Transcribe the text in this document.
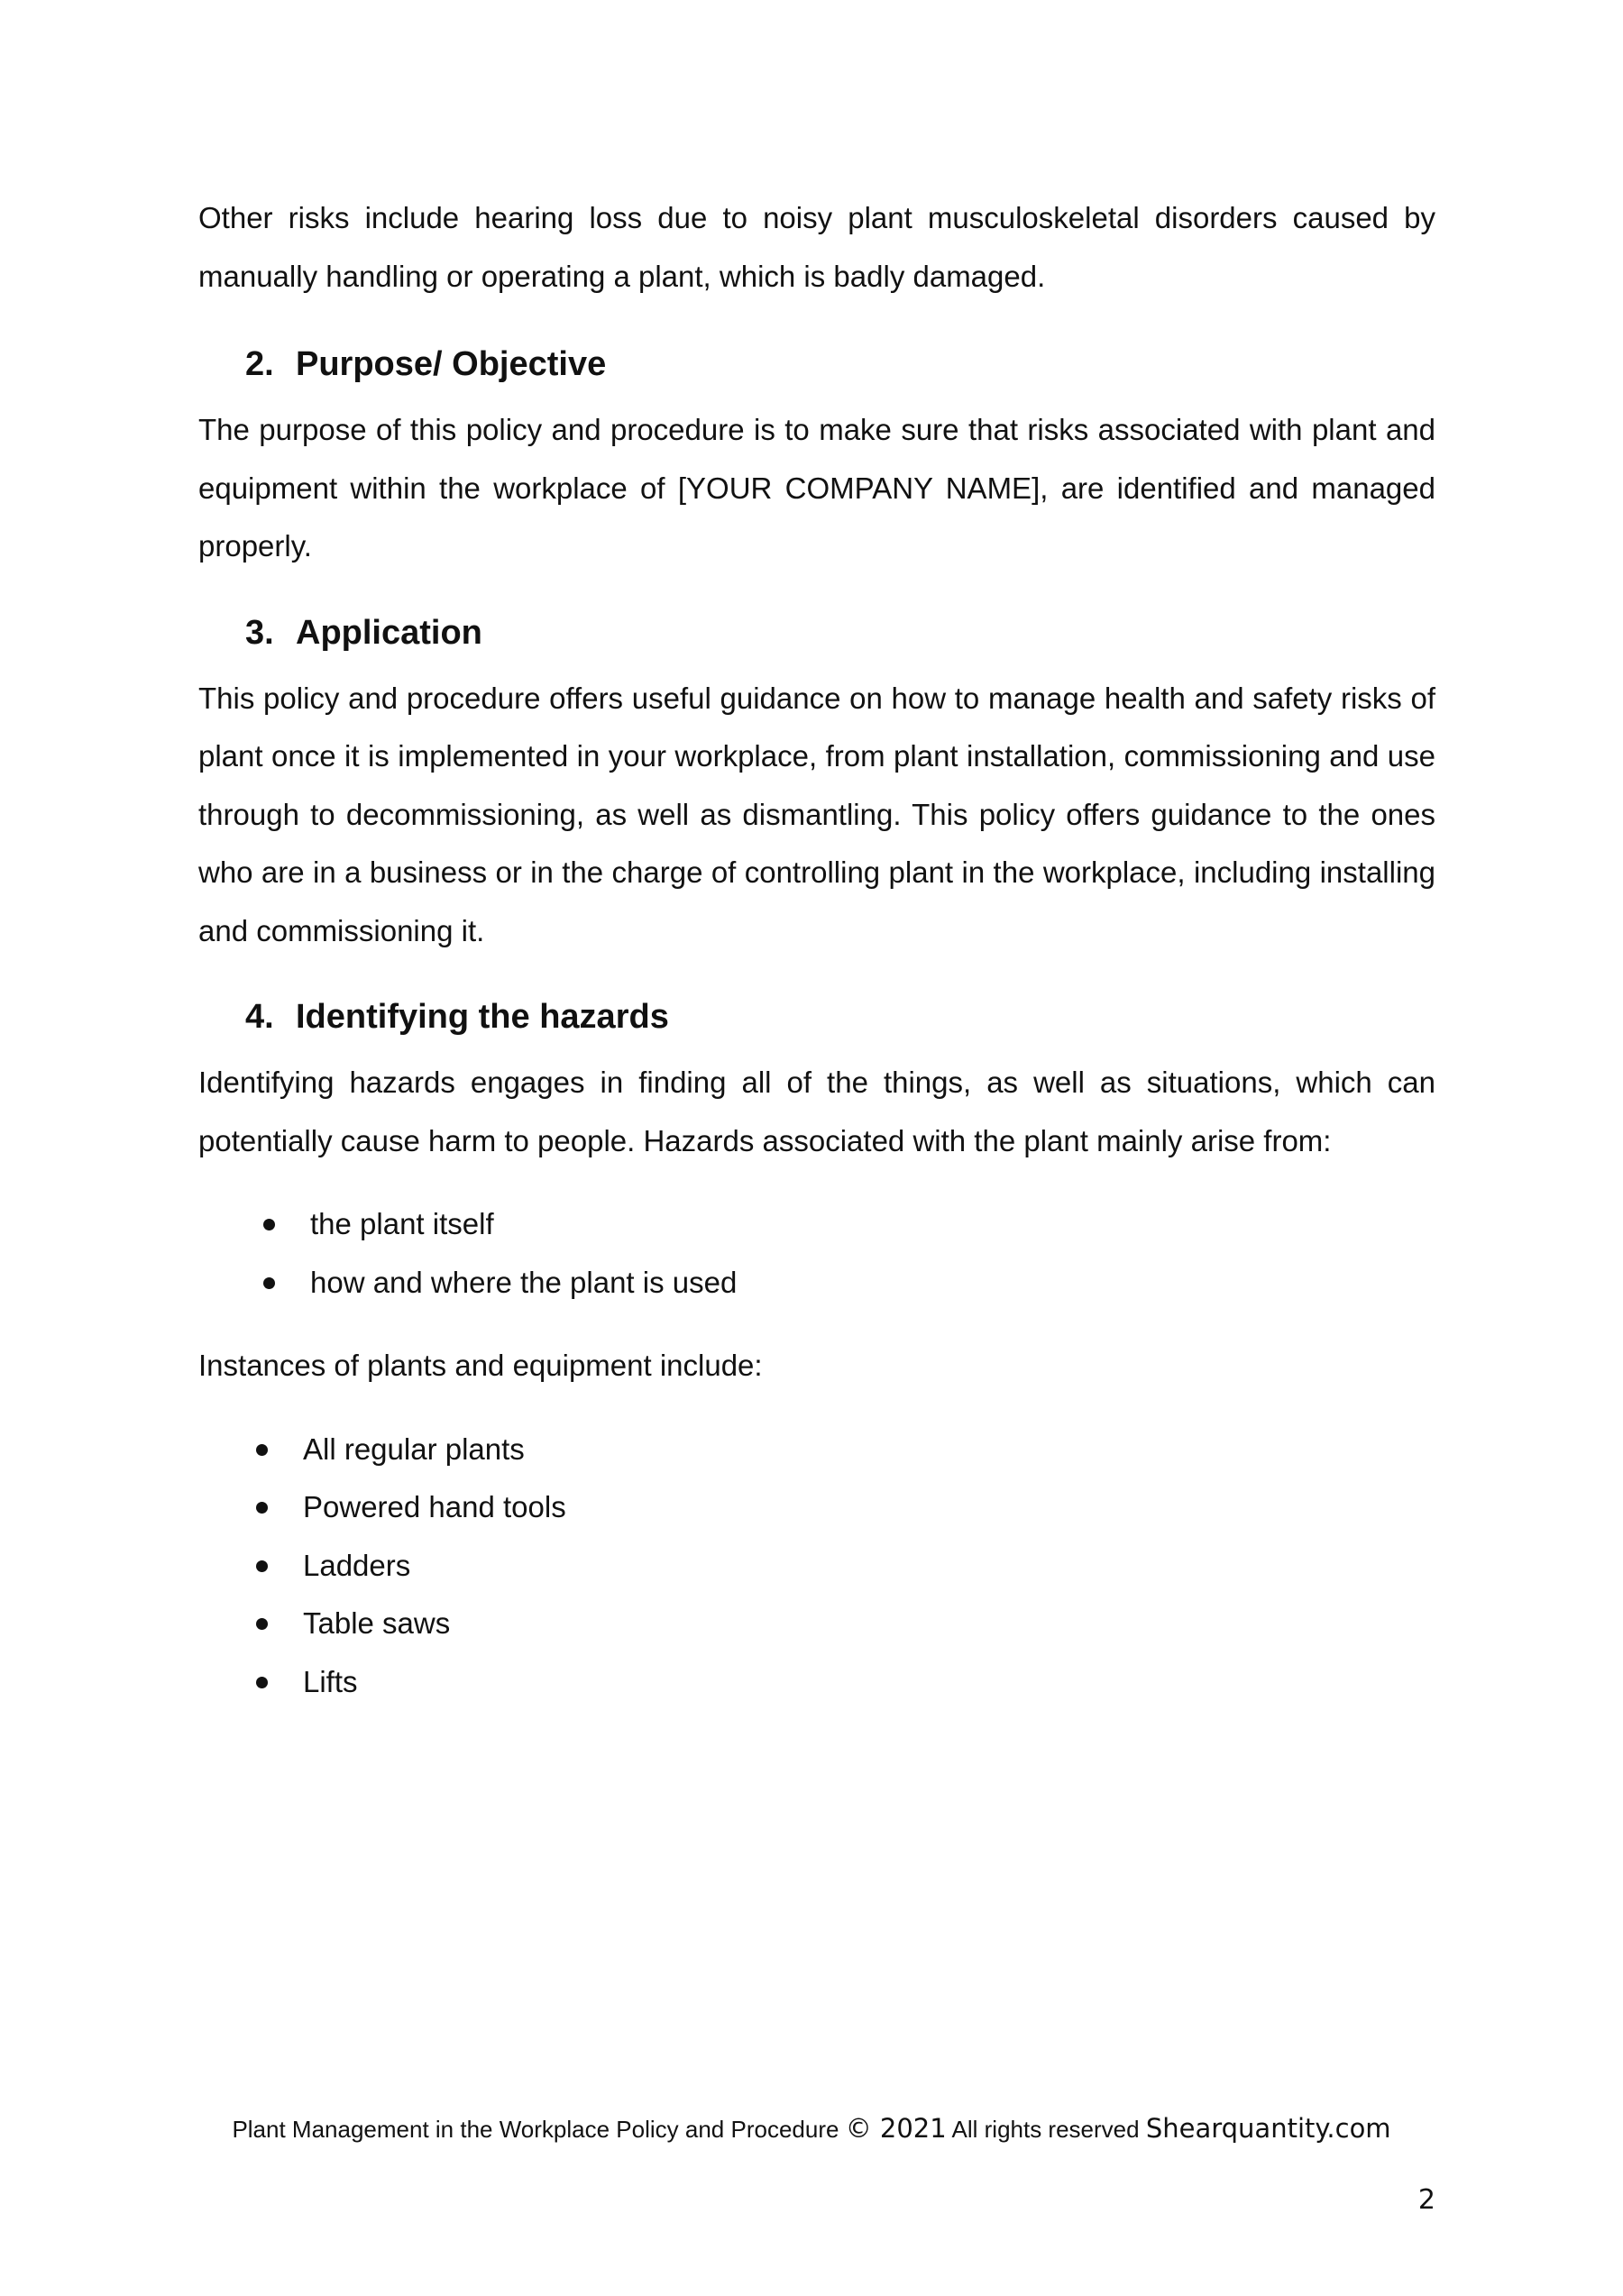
Other risks include hearing loss due to noisy plant musculoskeletal disorders caused by manually handling or operating a plant, which is badly damaged.

2. Purpose/ Objective

The purpose of this policy and procedure is to make sure that risks associated with plant and equipment within the workplace of [YOUR COMPANY NAME], are identified and managed properly.

3. Application

This policy and procedure offers useful guidance on how to manage health and safety risks of plant once it is implemented in your workplace, from plant installation, commissioning and use through to decommissioning, as well as dismantling. This policy offers guidance to the ones who are in a business or in the charge of controlling plant in the workplace, including installing and commissioning it.

4. Identifying the hazards

Identifying hazards engages in finding all of the things, as well as situations, which can potentially cause harm to people. Hazards associated with the plant mainly arise from:

the plant itself
how and where the plant is used

Instances of plants and equipment include:

All regular plants
Powered hand tools
Ladders
Table saws
Lifts
Plant Management in the Workplace Policy and Procedure © 2021 All rights reserved Shearquantity.com
2
